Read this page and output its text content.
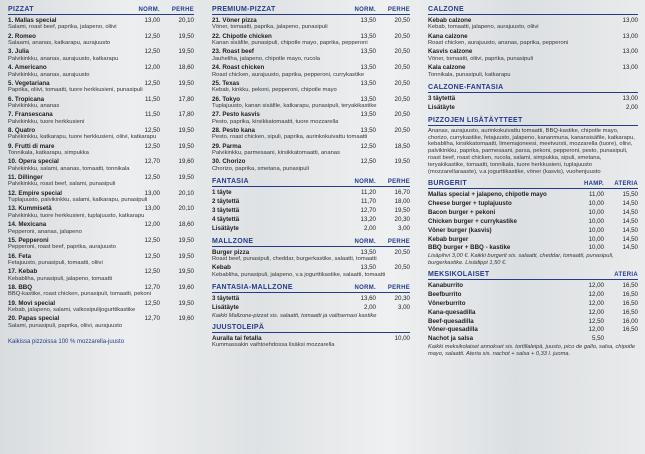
PIZZAT	NORM.	PERHE
1. Mallas special	13,00	20,10
Salami, roast beef, paprika, jalapeno, oliivi
2. Romeo	12,50	19,50
Salaami, ananas, katkarapu, aurajuusto
3. Julia	12,50	19,50
Palvikinkku, ananas, aurajuusto, katkarapu
4. Americano	12,00	18,60
Palvikinkku, ananas, aurajuusto
5. Vegetariana	12,50	19,50
Paprika, oliivi, tomaatti, tuore herkkusieni, punasipuli
6. Tropicana	11,50	17,80
Palvikinkku, ananas
7. Fransescana	11,50	17,80
Palvikinkku, tuore herkkusieni
8. Quatro	12,50	19,50
Palvikinkku, katkarapu, tuore herkkusieni, oliivi, katkarapu
9. Frutti di mare	12,50	19,50
Tonnikala, katkarapu, simpukka
10. Opera special	12,70	19,60
Palvikinkku, salami, ananas, tomaatti, tonnikala
11. Dillinger	12,50	19,50
Palvikinkku, roast beef, salami, punasipuli
12. Empire special	13,00	20,10
Tuplajuusto, palvikinkku, salami, katkarapu, punasipuli
13. Kummisetä	13,00	20,10
Palvikinkku, tuore herkkusieni, tuplajuusto, katkarapu
14. Mexicana	12,00	18,60
Pepperoni, ananas, jalapeno
15. Pepperoni	12,50	19,50
Pepperoni, roast beef, paprika, aurajuusto
16. Feta	12,50	19,50
Fetajuusto, punasipuli, tomaatti, oliivi
17. Kebab	12,50	19,50
Kebabliha, punasipuli, jalapeno, tomaatti
18. BBQ	12,70	19,60
BBQ-kastike, roast chicken, punasipuli, tomaatti, pekoni
19. Movi special	12,50	19,50
Kebab, jalapeno, salami, valkosipulijogurttikastike
20. Papas special	12,70	19,60
Salami, punasipuli, paprika, oliivi, aurajuusto
Kaikissa pizzoissa 100 % mozzarella-juusto
PREMIUM-PIZZAT	NORM.	PERHE
21. Vöner pizza	13,50	20,50
Vöner, tomaatti, paprika, jalapeno, punasipuli
22. Chipotle chicken	13,50	20,50
Kanan sisäfile, punasipuli, chipotle mayo, paprika, pepperoni
23. Roast beef	13,50	20,50
Jauheliha, jalapeno, chipotle mayo, rucola
24. Roast chicken	13,50	20,50
Roast chicken, aurajuusto, paprika, pepperoni, currykastike
25. Texas	13,50	20,50
Kebab, kinkku, pekoni, pepperoni, chipotle mayo
26. Tokyo	13,50	20,50
Tuplajuusto, kanan sisäfile, katkarapu, punasipuli, teryakikastike
27. Pesto kasvis	13,50	20,50
Pesto, paprika, kirsikkatomaatit, tuore mozzarella
28. Pesto kana	13,50	20,50
Pesto, roast chicken, sipuli, paprika, aurinkokuivattu tomaatti
29. Parma	12,50	18,50
Palvikinkku, parmesaani, kirsikkatomaatti, ananas
30. Chorizo	12,50	19,50
Chorizo, paprika, smetana, punasipuli
FANTASIA	NORM.	PERHE
1 täyte	11,20	16,70
2 täytettä	11,70	18,00
3 täytettä	12,70	19,50
4 täytettä	13,20	20,30
Lisätäyte	2,00	3,00
MALLZONE	NORM.	PERHE
Burger pizza	13,50	20,50
Roast beef, punasipuli, cheddar, burgerkastike, salaatti, tomaatti
Kebab	13,50	20,50
Kebabliha, punasipuli, jalapeno, v.a jogurttikastike, salaatti, tomaatti
FANTASIA-MALLZONE	NORM.	PERHE
3 täytettä	13,60	20,30
Lisätäyte	2,00	3,00
Kaikki Mallzone-pizzat sis. salaatti, tomaatti ja valitsemasi kastike
JUUSTOLEIPÄ
Auralla tai fetalla	10,00
Kummassakin vaihtoehdossa lisäksi mozzarella
CALZONE
Kebab calzone	13,00
Kebab, tomaatti, jalapeno, aurajuusto, oliivi
Kana calzone	13,00
Roast chicken, aurajuusto, ananas, paprika, pepperoni
Kasvis calzone	13,00
Vöner, tomaatti, oliivi, paprika, punasipuli
Kala calzone	13,00
Tonnikala, punasipuli, katkarapu
CALZONE-FANTASIA
3 täytettä	13,00
Lisätäyte	2,00
PIZZOJEN LISÄTÄYTTEET
Ananas, aurajuusto, aurinkokuivattu tomaatti, BBQ-kastike, chipotle mayo, chorizo, currykastike, fetajuusto, jalapeno, kananmuna, kanansisäfile, katkarapu, kebabliha, kirsikkatomaatti, limemajoneesi, meetvursti, mozzarella (tuore), oliivi, palvikinkku, paprika, parmesaani, parsa, pekoni, pepperoni, pesto, punasipuli, roast beef, roast chicken, rucola, salami, simpukka, sipuli, smetana, teryakikastike, tomaatti, tonnikala, tuore herkkusieni, tuplajuusto (mozzarellaraaste), v.a jogurttikastike, vöner (kasvis), vuohenjuusto
BURGERIT	HAMP.	ATERIA
Mallas special + jalapeno, chipotle mayo	11,00	15,50
Cheese burger + tuplajuusto	10,00	14,50
Bacon burger + pekoni	10,00	14,50
Chicken burger + currykastike	10,00	14,50
Vöner burger (kasvis)	10,00	14,50
Kebab burger	10,00	14,50
BBQ burger + BBQ - kastike	10,00	14,50
Lisäpihvi 3,00 €. Kaikki burgerit sis. salaatti, cheddar, tomaatti, punasipuli, burgerkastike. Lisädippi 1,50 €.
MEKSIKOLAISET	ATERIA
Kanaburrito	12,00	16,50
Beefburrito	12,00	16,50
Vönerburrito	12,00	16,50
Kana-quesadilla	12,00	16,50
Beef-quesadilla	12,50	16,00
Vöner-quesadilla	12,00	16,50
Nachot ja salsa	5,50
Kaikki meksikolaiset annokset sis. tortillaleipä, juusto, pico de gallo, salsa, chipotle mayo, salaatti. Ateria sis. nachot + salsa + 0,33 l. juoma.
